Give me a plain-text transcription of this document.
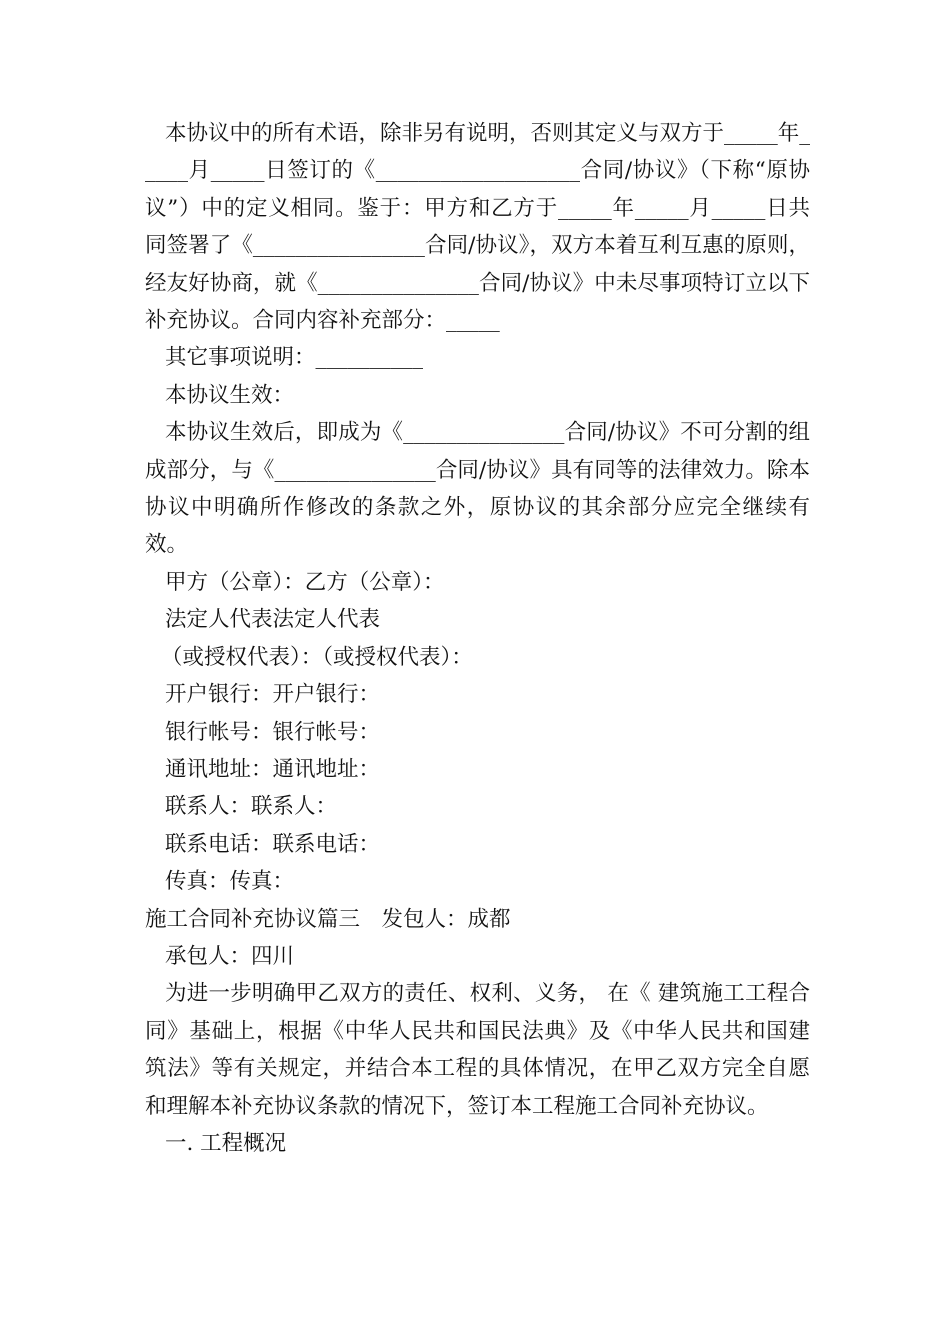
本协议中的所有术语，除非另有说明，否则其定义与双方于_____年_____月_____日签订的《___________________合同/协议》（下称“原协议”）中的定义相同。鉴于：甲方和乙方于_____年_____月_____日共同签署了《________________合同/协议》，双方本着互利互惠的原则，经友好协商，就《_______________合同/协议》中未尽事项特订立以下补充协议。合同内容补充部分：_____

其它事项说明：__________

本协议生效：

本协议生效后，即成为《_______________合同/协议》不可分割的组成部分，与《_______________合同/协议》具有同等的法律效力。除本协议中明确所作修改的条款之外，原协议的其余部分应完全继续有效。

甲方（公章）：乙方（公章）：

法定人代表法定人代表

（或授权代表）：（或授权代表）：

开户银行：开户银行：

银行帐号：银行帐号：

通讯地址：通讯地址：

联系人：联系人：

联系电话：联系电话：

传真：传真：

施工合同补充协议篇三　发包人：成都

承包人：四川

为进一步明确甲乙双方的责任、权利、义务， 在《 建筑施工工程合同》基础上，根据《中华人民共和国民法典》及《中华人民共和国建筑法》等有关规定，并结合本工程的具体情况，在甲乙双方完全自愿和理解本补充协议条款的情况下，签订本工程施工合同补充协议。

一. 工程概况
